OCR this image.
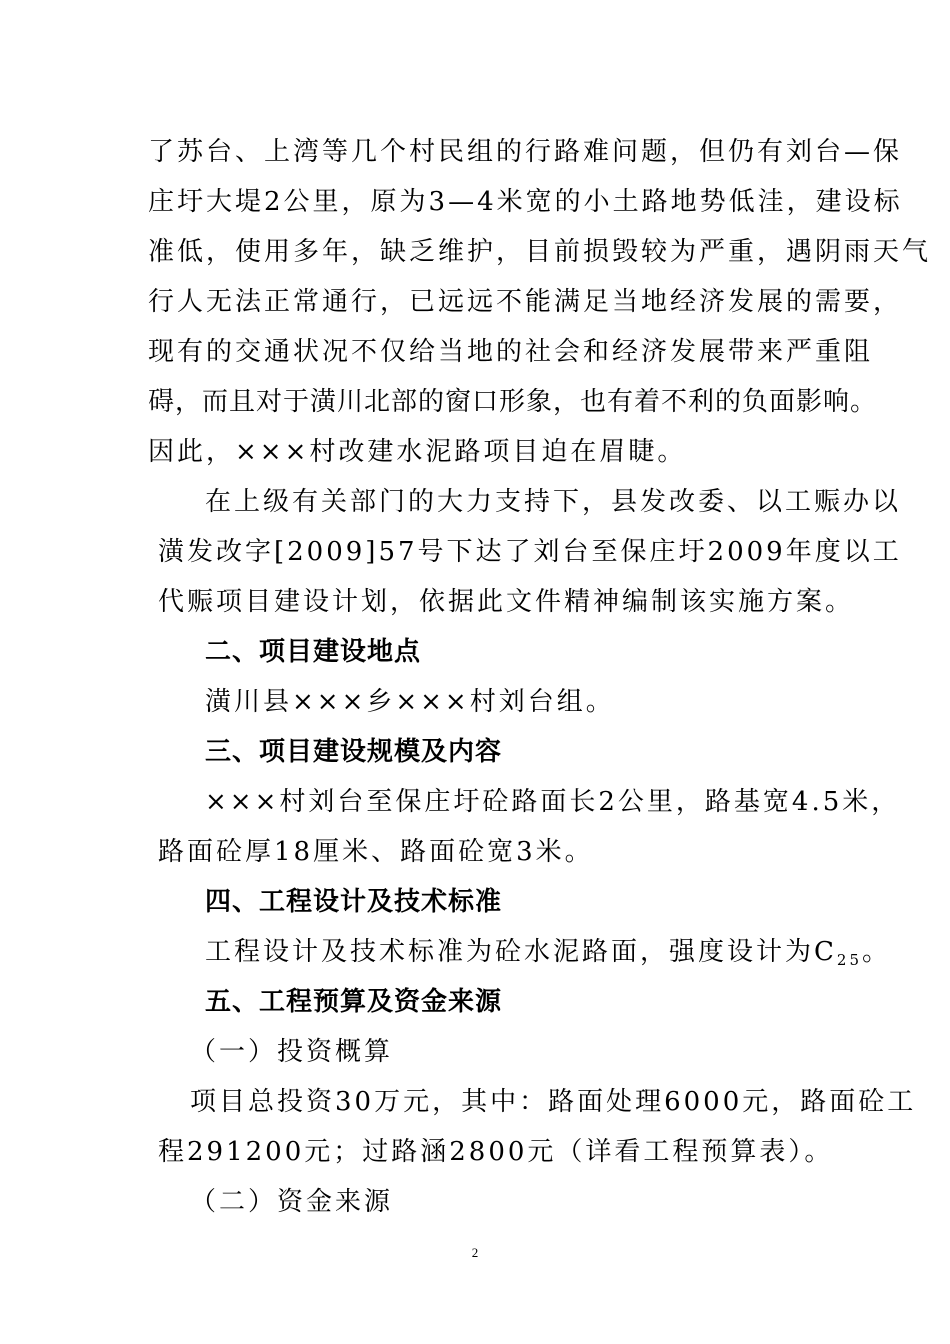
了苏台、上湾等几个村民组的行路难问题，但仍有刘台—保
庄圩大堤2公里，原为3—4米宽的小土路地势低洼，建设标
准低，使用多年，缺乏维护，目前损毁较为严重，遇阴雨天气
行人无法正常通行，已远远不能满足当地经济发展的需要，
现有的交通状况不仅给当地的社会和经济发展带来严重阻
碍，而且对于潢川北部的窗口形象，也有着不利的负面影响。
因此，×××村改建水泥路项目迫在眉睫。
在上级有关部门的大力支持下，县发改委、以工赈办以
潢发改字[2009]57号下达了刘台至保庄圩2009年度以工
代赈项目建设计划，依据此文件精神编制该实施方案。
二、项目建设地点
潢川县×××乡×××村刘台组。
三、项目建设规模及内容
×××村刘台至保庄圩砼路面长2公里，路基宽4.5米，
路面砼厚18厘米、路面砼宽3米。
四、工程设计及技术标准
工程设计及技术标准为砼水泥路面，强度设计为$C_{25}$。
五、工程预算及资金来源
（一）投资概算
项目总投资30万元，其中：路面处理6000元，路面砼工
程291200元；过路涵2800元（详看工程预算表）。
（二）资金来源
2
